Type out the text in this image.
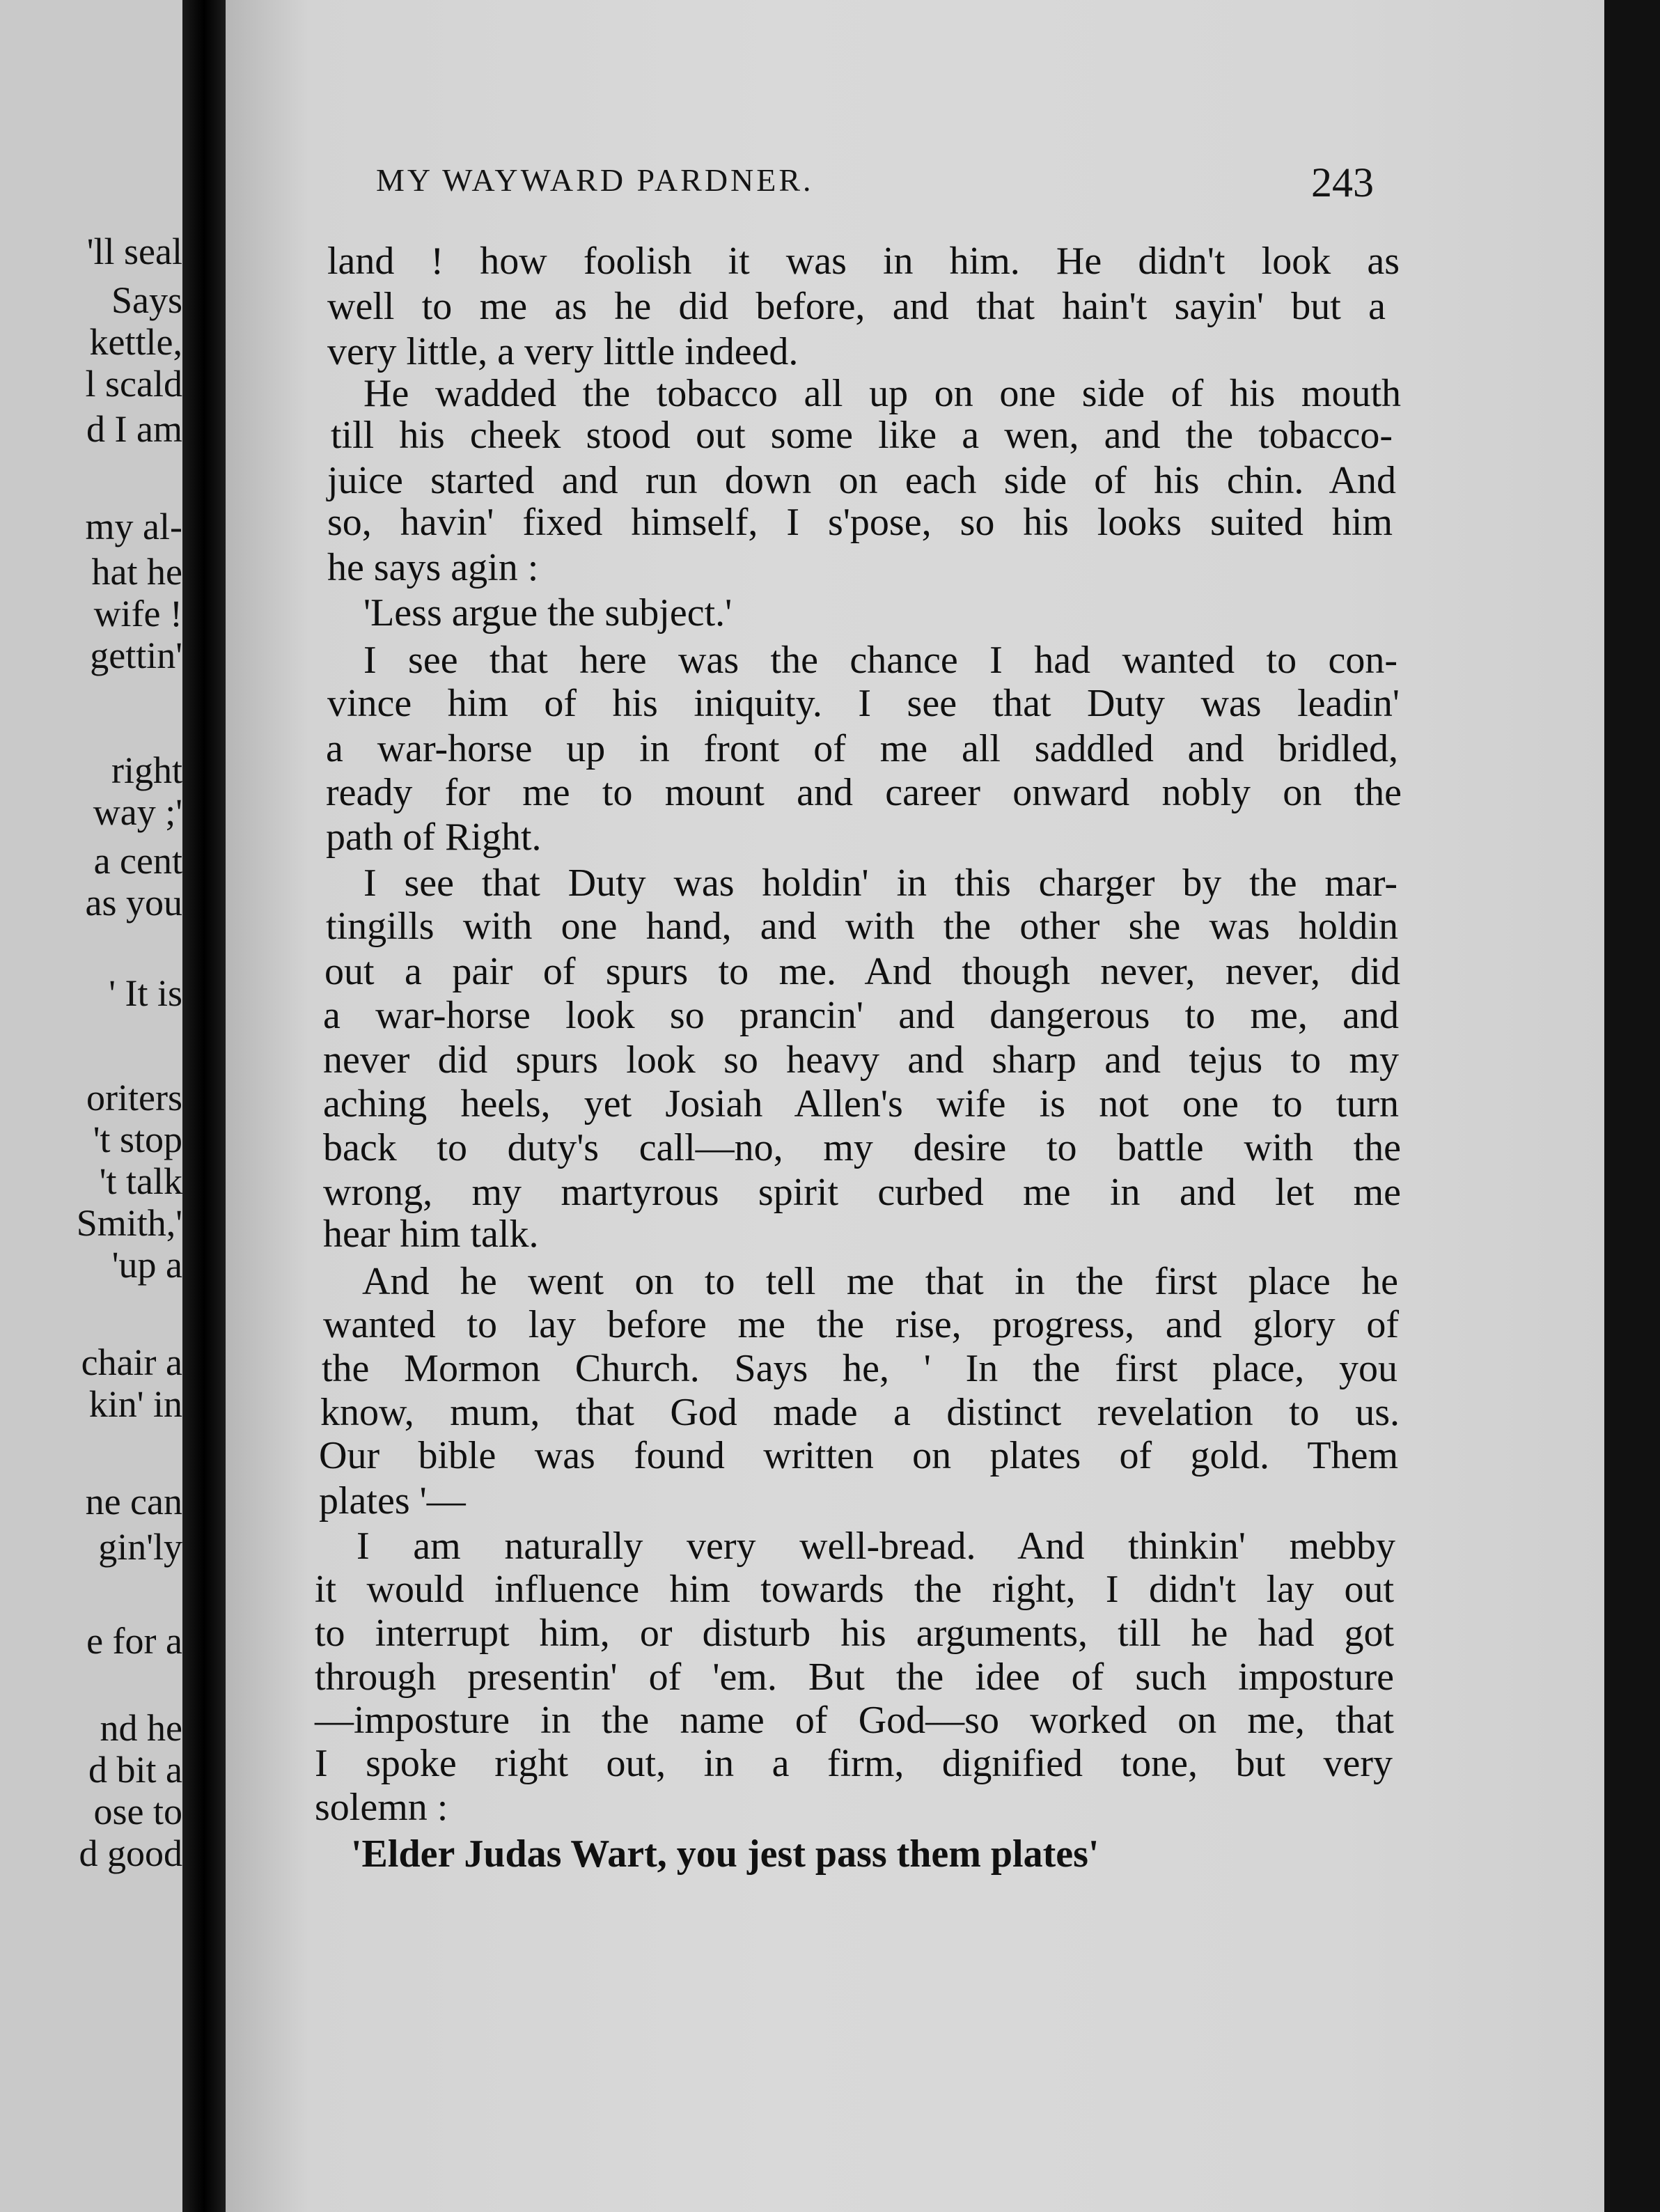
'll seal
Says
kettle,
l scald
d I am
my al-
hat he
wife !
gettin'
right
way ;'
a cent
as you
' It is
oriters
't stop
't talk
Smith,'
'up a
chair a
kin' in
ne can
gin'ly
e for a
nd he
d bit a
ose to
d good
MY WAYWARD PARDNER.	243
land ! how foolish it was in him. He didn't look as
well to me as he did before, and that hain't sayin' but a
very little, a very little indeed.
He wadded the tobacco all up on one side of his mouth
till his cheek stood out some like a wen, and the tobacco-
juice started and run down on each side of his chin. And
so, havin' fixed himself, I s'pose, so his looks suited him
he says agin :
'Less argue the subject.'
I see that here was the chance I had wanted to con-
vince him of his iniquity. I see that Duty was leadin'
a war-horse up in front of me all saddled and bridled,
ready for me to mount and career onward nobly on the
path of Right.
I see that Duty was holdin' in this charger by the mar-
tingills with one hand, and with the other she was holdin
out a pair of spurs to me. And though never, never, did
a war-horse look so prancin' and dangerous to me, and
never did spurs look so heavy and sharp and tejus to my
aching heels, yet Josiah Allen's wife is not one to turn
back to duty's call—no, my desire to battle with the
wrong, my martyrous spirit curbed me in and let me
hear him talk.
And he went on to tell me that in the first place he
wanted to lay before me the rise, progress, and glory of
the Mormon Church. Says he, ' In the first place, you
know, mum, that God made a distinct revelation to us.
Our bible was found written on plates of gold. Them
plates '—
I am naturally very well-bread. And thinkin' mebby
it would influence him towards the right, I didn't lay out
to interrupt him, or disturb his arguments, till he had got
through presentin' of 'em. But the idee of such imposture
—imposture in the name of God—so worked on me, that
I spoke right out, in a firm, dignified tone, but very
solemn :
'Elder Judas Wart, you jest pass them plates'
